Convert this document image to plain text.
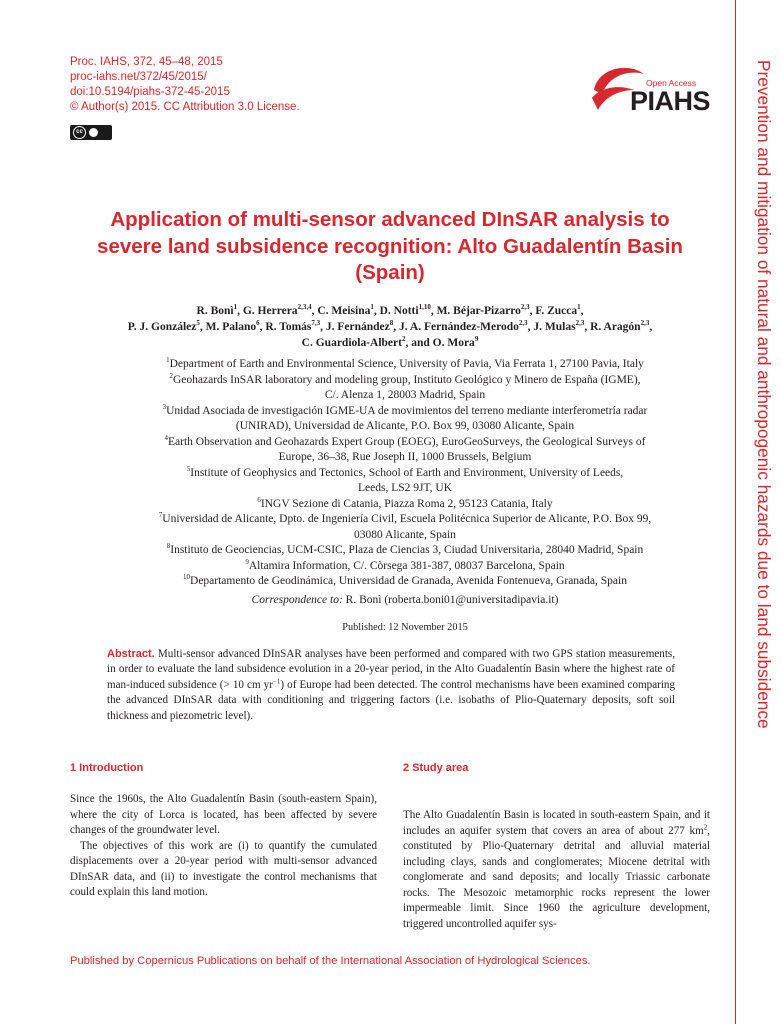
Proc. IAHS, 372, 45–48, 2015
proc-iahs.net/372/45/2015/
doi:10.5194/piahs-372-45-2015
© Author(s) 2015. CC Attribution 3.0 License.
cc
Open Access
PIAHS	Prevention and mitigation of natural and anthropogenic hazards due to land subsidence
Application of multi-sensor advanced DInSAR analysis to severe land subsidence recognition: Alto Guadalentín Basin (Spain)
R. Bonì$^1$, G. Herrera$^{2,3,4}$, C. Meisina$^1$, D. Notti$^{1,10}$, M. Béjar-Pizarro$^{2,3}$, F. Zucca$^1$,
P. J. González$^5$, M. Palano$^6$, R. Tomás$^{7,3}$, J. Fernández$^8$, J. A. Fernández-Merodo$^{2,3}$, J. Mulas$^{2,3}$, R. Aragón$^{2,3}$,
C. Guardiola-Albert$^2$, and O. Mora$^9$
$^1$Department of Earth and Environmental Science, University of Pavia, Via Ferrata 1, 27100 Pavia, Italy
$^2$Geohazards InSAR laboratory and modeling group, Instituto Geológico y Minero de España (IGME),
C/. Alenza 1, 28003 Madrid, Spain
$^3$Unidad Asociada de investigación IGME-UA de movimientos del terreno mediante interferometría radar
(UNIRAD), Universidad de Alicante, P.O. Box 99, 03080 Alicante, Spain
$^4$Earth Observation and Geohazards Expert Group (EOEG), EuroGeoSurveys, the Geological Surveys of
Europe, 36–38, Rue Joseph II, 1000 Brussels, Belgium
$^5$Institute of Geophysics and Tectonics, School of Earth and Environment, University of Leeds,
Leeds, LS2 9JT, UK
$^6$INGV Sezione di Catania, Piazza Roma 2, 95123 Catania, Italy
$^7$Universidad de Alicante, Dpto. de Ingeniería Civil, Escuela Politécnica Superior de Alicante, P.O. Box 99,
03080 Alicante, Spain
$^8$Instituto de Geociencias, UCM-CSIC, Plaza de Ciencias 3, Ciudad Universitaria, 28040 Madrid, Spain
$^9$Altamira Information, C/. Còrsega 381-387, 08037 Barcelona, Spain
$^{10}$Departamento de Geodinámica, Universidad de Granada, Avenida Fontenueva, Granada, Spain
Correspondence to: R. Bonì (roberta.boni01@universitadipavia.it)
Published: 12 November 2015
Abstract. Multi-sensor advanced DInSAR analyses have been performed and compared with two GPS station measurements, in order to evaluate the land subsidence evolution in a 20-year period, in the Alto Guadalentín Basin where the highest rate of man-induced subsidence (> 10 cm $yr^{-1}$) of Europe had been detected. The control mechanisms have been examined comparing the advanced DInSAR data with conditioning and triggering factors (i.e. isobaths of Plio-Quaternary deposits, soft soil thickness and piezometric level).
1 Introduction	2 Study area

Since the 1960s, the Alto Guadalentín Basin (south-eastern Spain), where the city of Lorca is located, has been affected by severe changes of the groundwater level.

The objectives of this work are (i) to quantify the cumulated displacements over a 20-year period with multi-sensor advanced DInSAR data, and (ii) to investigate the control mechanisms that could explain this land motion.

The Alto Guadalentín Basin is located in south-eastern Spain, and it includes an aquifer system that covers an area of about 277 $km^2$, constituted by Plio-Quaternary detrital and alluvial material including clays, sands and conglomerates; Miocene detrital with conglomerate and sand deposits; and locally Triassic carbonate rocks. The Mesozoic metamorphic rocks represent the lower impermeable limit. Since 1960 the agriculture development, triggered uncontrolled aquifer sys-

Published by Copernicus Publications on behalf of the International Association of Hydrological Sciences.
